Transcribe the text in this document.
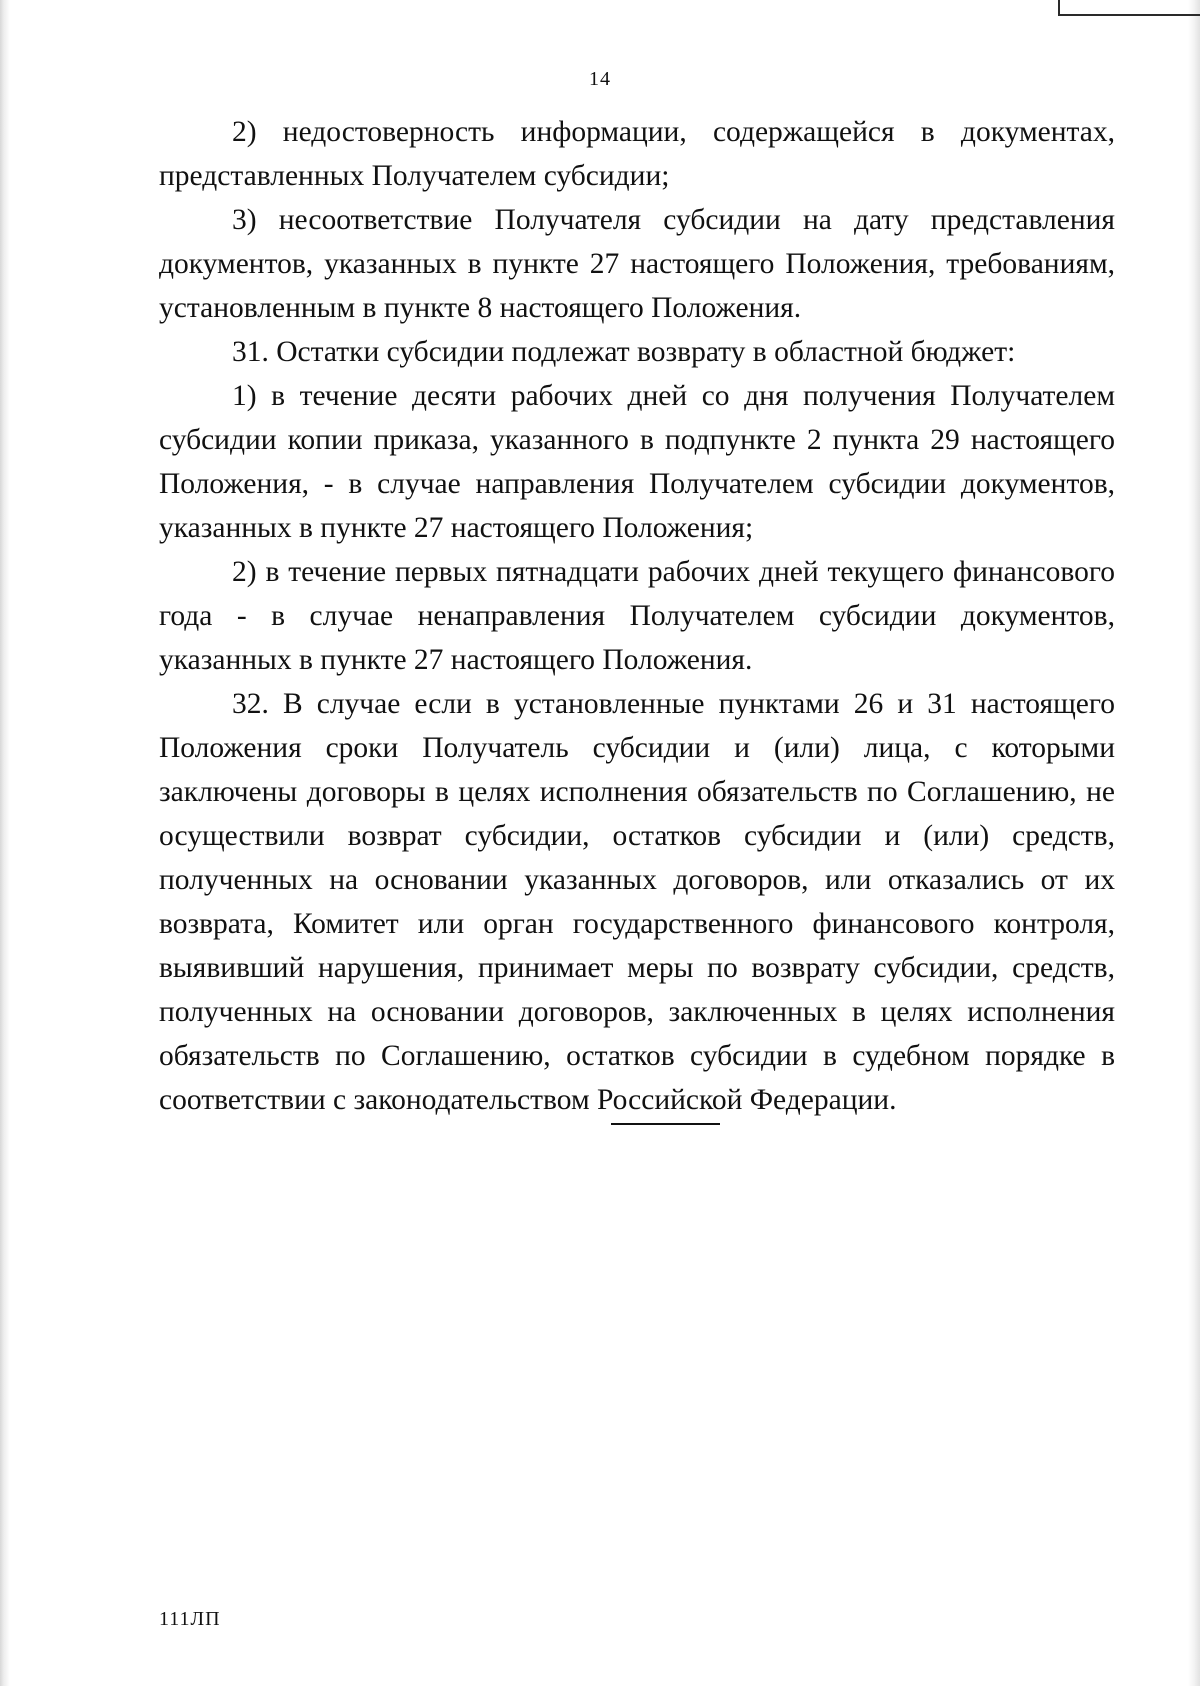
14

2) недостоверность информации, содержащейся в документах, представленных Получателем субсидии;

3) несоответствие Получателя субсидии на дату представления документов, указанных в пункте 27 настоящего Положения, требованиям, установленным в пункте 8 настоящего Положения.

31. Остатки субсидии подлежат возврату в областной бюджет:

1) в течение десяти рабочих дней со дня получения Получателем субсидии копии приказа, указанного в подпункте 2 пункта 29 настоящего Положения, - в случае направления Получателем субсидии документов, указанных в пункте 27 настоящего Положения;

2) в течение первых пятнадцати рабочих дней текущего финансового года - в случае ненаправления Получателем субсидии документов, указанных в пункте 27 настоящего Положения.

32. В случае если в установленные пунктами 26 и 31 настоящего Положения сроки Получатель субсидии и (или) лица, с которыми заключены договоры в целях исполнения обязательств по Соглашению, не осуществили возврат субсидии, остатков субсидии и (или) средств, полученных на основании указанных договоров, или отказались от их возврата, Комитет или орган государственного финансового контроля, выявивший нарушения, принимает меры по возврату субсидии, средств, полученных на основании договоров, заключенных в целях исполнения обязательств по Соглашению, остатков субсидии в судебном порядке в соответствии с законодательством Российской Федерации.

111ЛП
